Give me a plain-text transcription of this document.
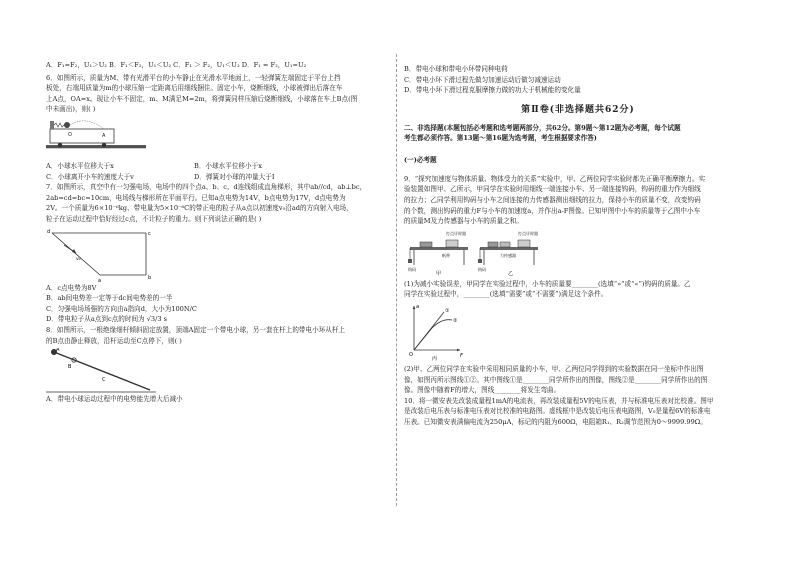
A．F₁=F₂，U₁＞U₂ B．F₁＜F₂，U₁＜U₂ C．F₁ ＞ F₂，U₁＜U₂ D．F₁ = F₂，U₁=U₂

6．如图所示，质量为M、带有光滑平台的小车静止在光滑水平地面上，一轻弹簧左端固定于平台上挡

板处，右端用质量为m的小球压缩一定距离后用细线捆住。固定小车，烧断细线，小球被弹出后落在车

上A点，OA=x。现让小车不固定，m、M满足M=2m，将弹簧同样压缩后烧断细线，小球落在车上B点(图

中未画出)，则( )

O	A

A．小球水平位移大于x	B．小球水平位移小于x

C．小球离开小车的速度大于v	D．弹簧对小球的冲量大于I

7．如图所示，真空中有一匀强电场，电场中的四个点a、b、c、d连线组成直角梯形，其中ab//cd，ab⊥bc，

2ab=cd=bc=10cm，电场线与梯形所在平面平行。已知a点电势为14V，b点电势为17V，d点电势为

2V。一个质量为6×10⁻⁶kg、带电量为5×10⁻⁶C的带正电的粒子从a点以初速度v₀沿ad的方向射入电场，

粒子在运动过程中恰好经过c点，不计粒子的重力。则下列说法正确的是( )

d	c
b
a
v₀

A．c点电势为8V

B．ab间电势差一定等于dc间电势差的一半

C．匀强电场场强的方向由a指向d，大小为100N/C

D．带电粒子从a点到c点的时间为 √3/3 s

8．如图所示，一根绝缘细杆倾斜固定放置，顶端A固定一个带电小球，另一套在杆上的带电小环从杆上

的B点由静止释放，沿杆运动至C点停下，则( )

A
B
C

A．带电小球运动过程中的电势能先增大后减小

B．带电小球和带电小环带同种电荷

C．带电小环下滑过程先做匀加速运动后做匀减速运动

D．带电小环下滑过程克服摩擦力做的功大于机械能的变化量

第Ⅱ卷(非选择题共62分)

二、非选择题(本题包括必考题和选考题两部分，共62分。第9题～第12题为必考题，每个试题

考生都必须作答。第13题～第16题为选考题，考生根据要求作答)

(一)必考题

9．“探究加速度与物体质量、物体受力的关系”实验中，甲、乙两位同学实验时都先正确平衡摩擦力。实

验装置如图甲、乙所示，甲同学在实验时用细线一端连接小车、另一端连接钩码，钩码的重力作为细线

的拉力；乙同学利用钩码与小车之间连接的力传感器测出细线的拉力，保持小车的质量不变，改变钩码

的个数，测出钩码的重力F与小车的加速度a，并作出a-F图像。已知甲图中小车的质量等于乙图中小车

的质量M及力传感器与小车的质量之和。

打点计时器
纸带
钩码
甲
打点计时器
力传感器
钩码
乙

(1)为减小实验误差，甲同学在实验过程中，小车的质量要________(选填“»”或“«”)钩码的质量。乙

同学在实验过程中，________(选填“需要”或“不需要”)满足这个条件。

a
F
O
①
②
丙

(2)甲、乙两位同学在实验中采用相同质量的小车，甲、乙两位同学得到的实验数据在同一坐标中作出图

像，如图丙所示图线①②。其中图线①是________同学所作出的图像，图线②是________同学所作出的图

像。图像中随着F的增大，图线________将发生弯曲。

10．将一微安表先改装成量程1mA的电流表，再改装成量程5V的电压表，并与标准电压表对比校准。图甲

是改装后电压表与标准电压表对比校准的电路图。虚线框中是改装后电压表电路图，V₀是量程6V的标准电

压表。已知微安表满偏电流为250μA，标记的内阻为600Ω，电阻箱R₁、R₂调节范围为0～9999.99Ω。
